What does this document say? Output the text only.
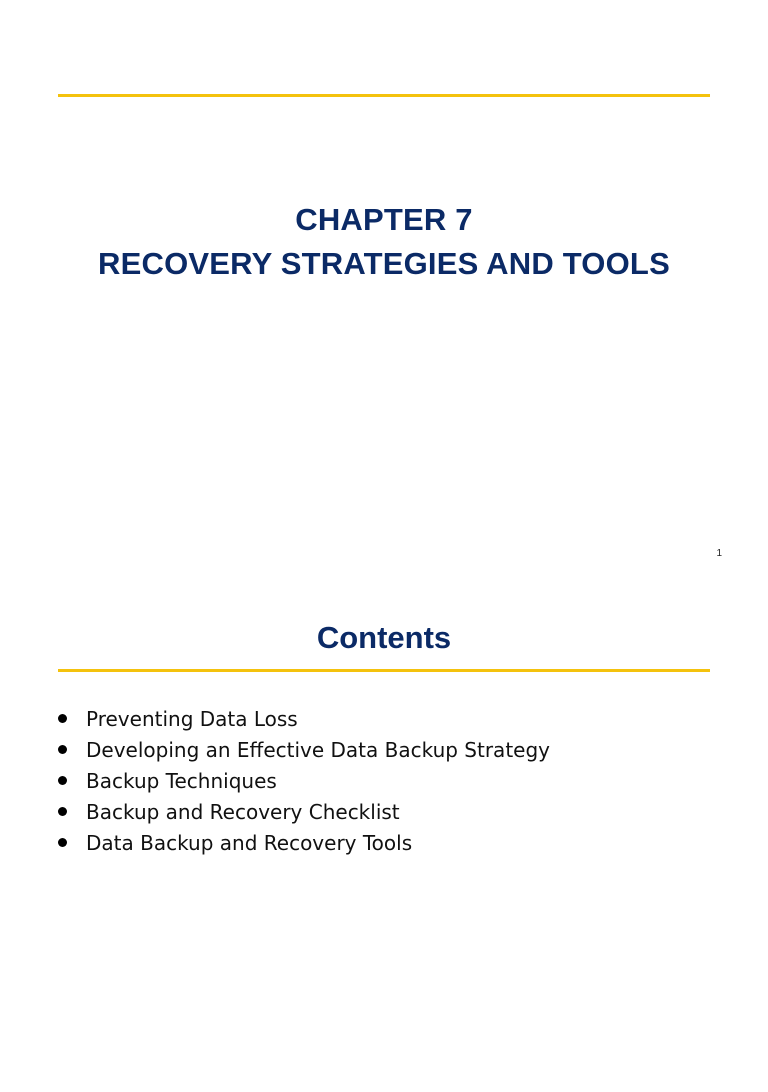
CHAPTER 7
RECOVERY STRATEGIES AND TOOLS
1
Contents
Preventing Data Loss
Developing an Effective Data Backup Strategy
Backup Techniques
Backup and Recovery Checklist
Data Backup and Recovery Tools
